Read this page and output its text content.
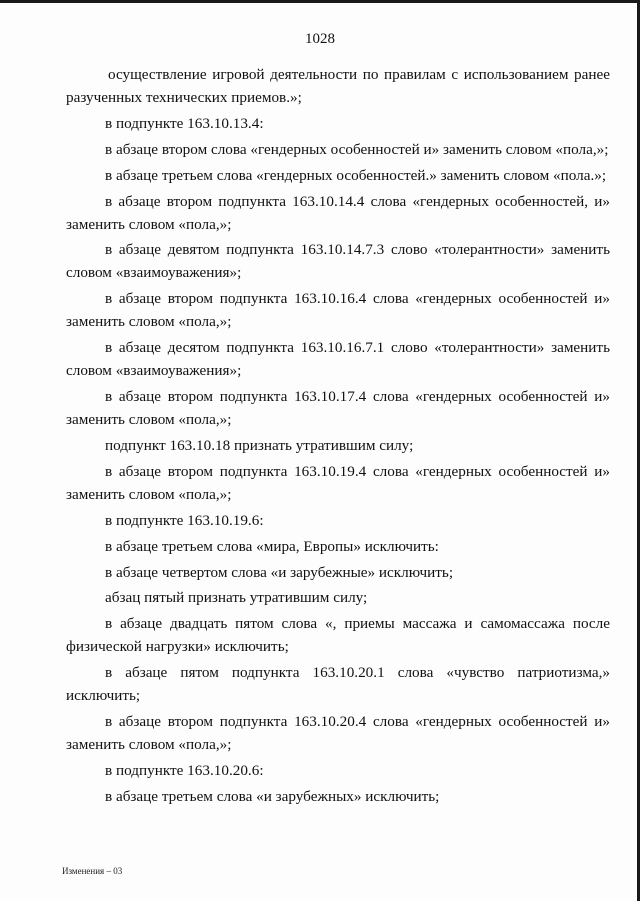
1028

осуществление игровой деятельности по правилам с использованием ранее разученных технических приемов.»;

в подпункте 163.10.13.4:

в абзаце втором слова «гендерных особенностей и» заменить словом «пола,»;

в абзаце третьем слова «гендерных особенностей.» заменить словом «пола.»;

в абзаце втором подпункта 163.10.14.4 слова «гендерных особенностей, и» заменить словом «пола,»;

в абзаце девятом подпункта 163.10.14.7.3 слово «толерантности» заменить словом «взаимоуважения»;

в абзаце втором подпункта 163.10.16.4 слова «гендерных особенностей и» заменить словом «пола,»;

в абзаце десятом подпункта 163.10.16.7.1 слово «толерантности» заменить словом «взаимоуважения»;

в абзаце втором подпункта 163.10.17.4 слова «гендерных особенностей и» заменить словом «пола,»;

подпункт 163.10.18 признать утратившим силу;

в абзаце втором подпункта 163.10.19.4 слова «гендерных особенностей и» заменить словом «пола,»;

в подпункте 163.10.19.6:

в абзаце третьем слова «мира, Европы» исключить:

в абзаце четвертом слова «и зарубежные» исключить;

абзац пятый признать утратившим силу;

в абзаце двадцать пятом слова «, приемы массажа и самомассажа после физической нагрузки» исключить;

в абзаце пятом подпункта 163.10.20.1 слова «чувство патриотизма,» исключить;

в абзаце втором подпункта 163.10.20.4 слова «гендерных особенностей и» заменить словом «пола,»;

в подпункте 163.10.20.6:

в абзаце третьем слова «и зарубежных» исключить;

Изменения – 03
